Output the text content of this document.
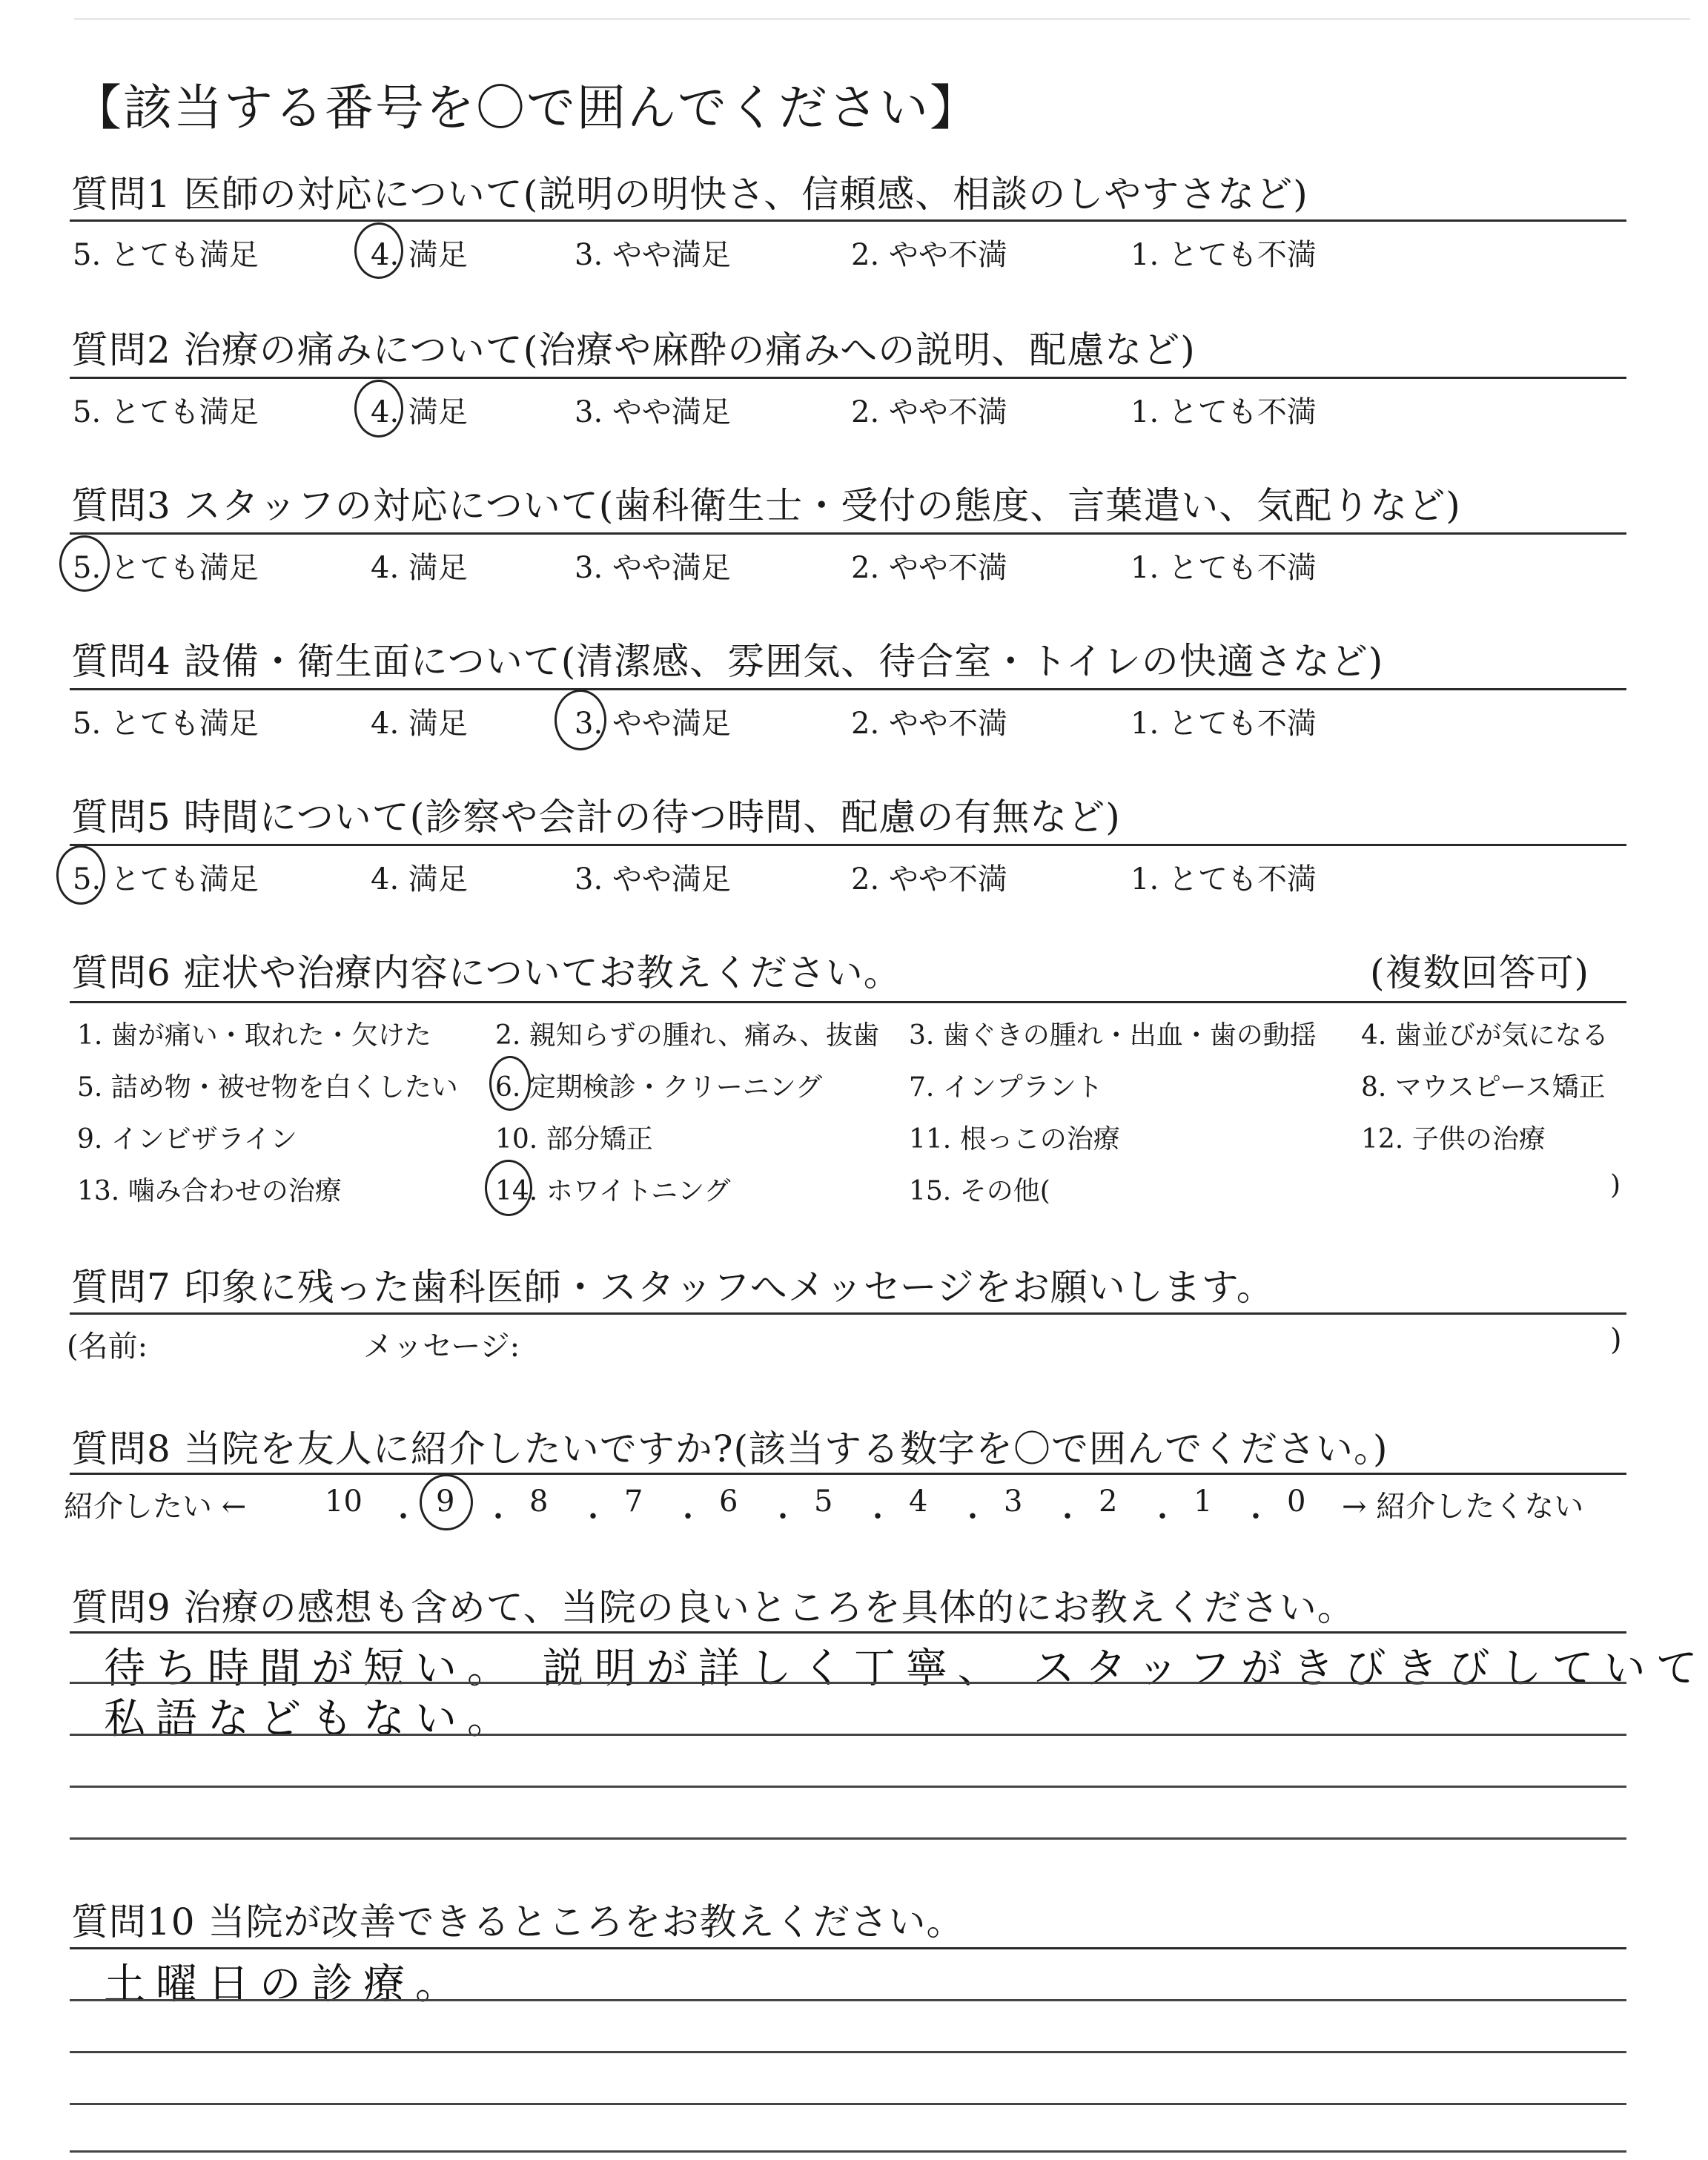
【該当する番号を〇で囲んでください】
質問1 医師の対応について(説明の明快さ、信頼感、相談のしやすさなど)
5. とても満足	4. 満足	3. やや満足	2. やや不満	1. とても不満
質問2 治療の痛みについて(治療や麻酔の痛みへの説明、配慮など)
5. とても満足	4. 満足	3. やや満足	2. やや不満	1. とても不満
質問3 スタッフの対応について(歯科衛生士・受付の態度、言葉遣い、気配りなど)
5. とても満足	4. 満足	3. やや満足	2. やや不満	1. とても不満
質問4 設備・衛生面について(清潔感、雰囲気、待合室・トイレの快適さなど)
5. とても満足	4. 満足	3. やや満足	2. やや不満	1. とても不満
質問5 時間について(診察や会計の待つ時間、配慮の有無など)
5. とても満足	4. 満足	3. やや満足	2. やや不満	1. とても不満
質問6 症状や治療内容についてお教えください。	(複数回答可)
1. 歯が痛い・取れた・欠けた 2. 親知らずの腫れ、痛み、抜歯 3. 歯ぐきの腫れ・出血・歯の動揺 4. 歯並びが気になる
5. 詰め物・被せ物を白くしたい 6. 定期検診・クリーニング	7. インプラント	8. マウスピース矯正
9. インビザライン	10. 部分矯正	11. 根っこの治療	12. 子供の治療
13. 噛み合わせの治療	14. ホワイトニング	15. その他(	)
質問7 印象に残った歯科医師・スタッフへメッセージをお願いします。
(名前:	メッセージ:	)
質問8 当院を友人に紹介したいですか?(該当する数字を〇で囲んでください。)
紹介したい ←	→ 紹介したくない
10 9	8	7	6	5	4	3	2	1	0
・ ・ ・ ・ ・ ・ ・ ・ ・ ・
質問9 治療の感想も含めて、当院の良いところを具体的にお教えください。
待ち時間が短い。 説明が詳しく丁寧、 スタッフがきびきびしていて
私語などもない。
質問10 当院が改善できるところをお教えください。
土曜日の診療。
